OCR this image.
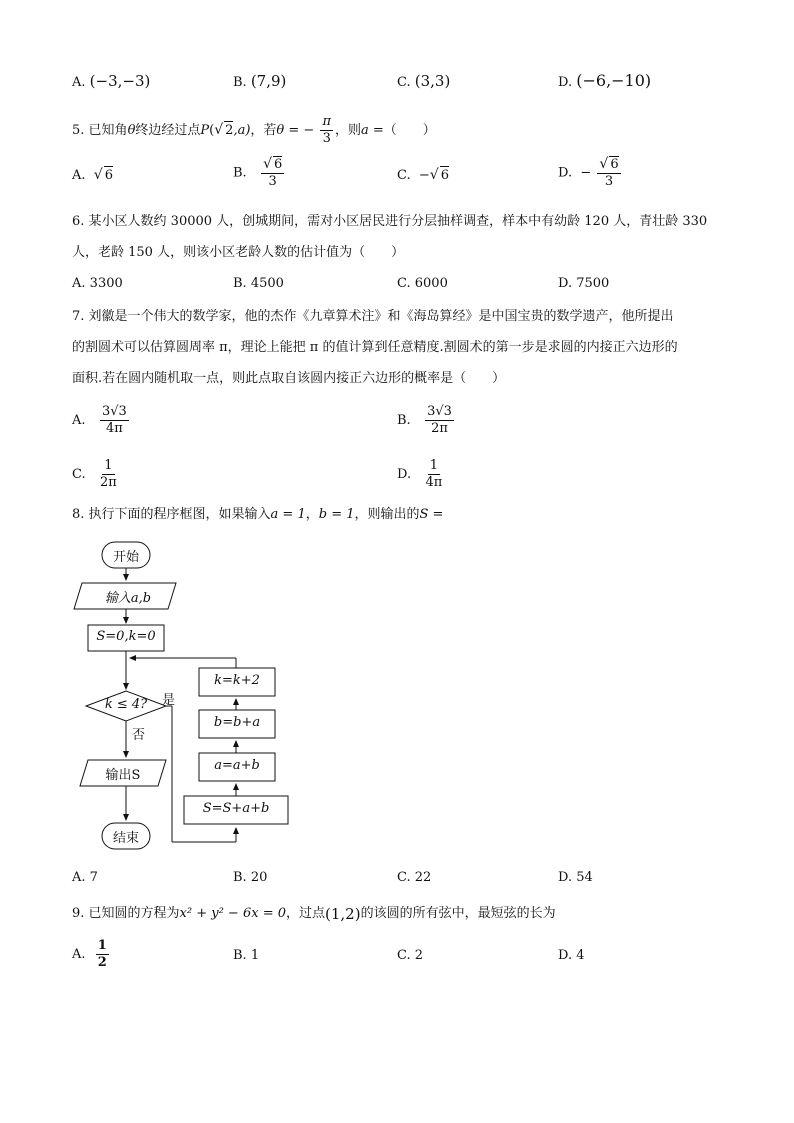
A. (−3,−3)	B. (7,9)	C. (3,3)	D. (−6,−10)
5. 已知角θ终边经过点P(√ 2,a)，若θ = − $\frac{\pi}{3}$ ，则a =（　　）
A. √ 6	B. $\frac{√ 6}{3}$	C. −√ 6	D. − $\frac{√ 6}{3}$
6. 某小区人数约 30000 人，创城期间，需对小区居民进行分层抽样调查，样本中有幼龄 120 人，青壮龄 330
人，老龄 150 人，则该小区老龄人数的估计值为（　　）
A. 3300	B. 4500	C. 6000	D. 7500
7. 刘徽是一个伟大的数学家，他的杰作《九章算术注》和《海岛算经》是中国宝贵的数学遗产，他所提出
的割圆术可以估算圆周率 π，理论上能把 π 的值计算到任意精度.割圆术的第一步是求圆的内接正六边形的
面积.若在圆内随机取一点，则此点取自该圆内接正六边形的概率是（　　）
A. $\frac{3√3}{4\pi}$	B. $\frac{3√3}{2\pi}$
C. $\frac{1}{2\pi}$	D. $\frac{1}{4\pi}$
8. 执行下面的程序框图，如果输入a = 1，b = 1，则输出的S =
开始
输入a,b
S=0,k=0
k ≤ 4?	是
否
输出S
结束
S=S+a+b
a=a+b
b=b+a
k=k+2
A. 7	B. 20	C. 22	D. 54
9. 已知圆的方程为x² + y² − 6x = 0，过点(1,2)的该圆的所有弦中，最短弦的长为
A. $\frac{1}{2}$	B. 1	C. 2	D. 4
